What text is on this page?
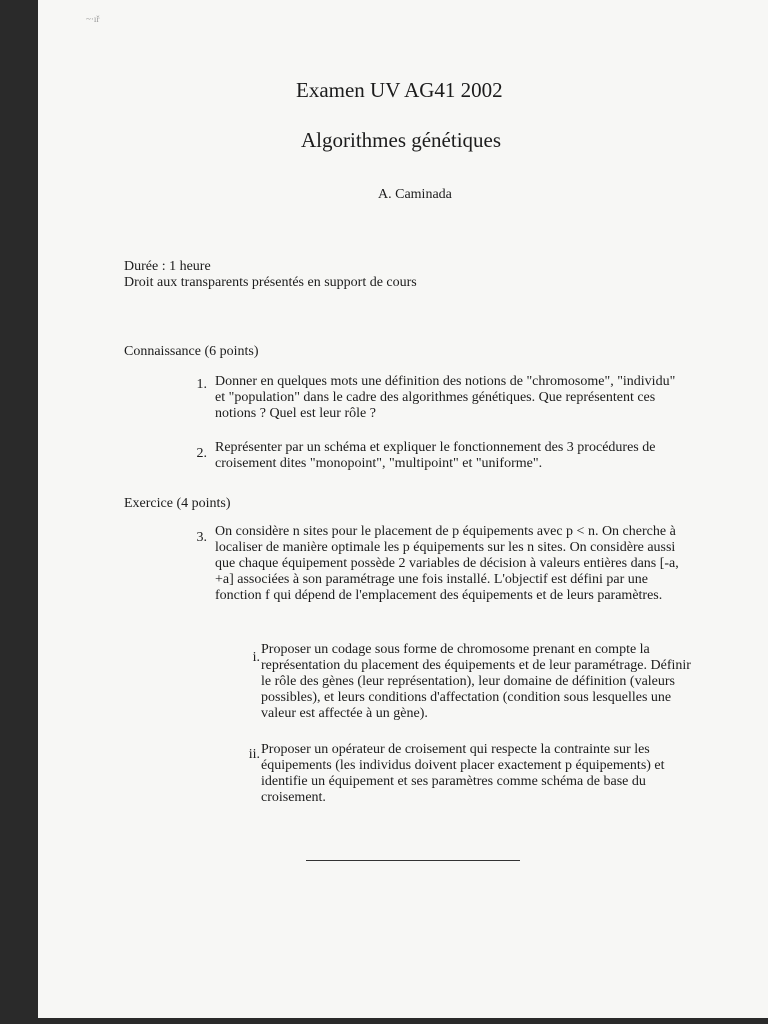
~·ıř
Examen UV AG41 2002
Algorithmes génétiques
A. Caminada
Durée : 1 heure
Droit aux transparents présentés en support de cours
Connaissance (6 points)
1. Donner en quelques mots une définition des notions de "chromosome", "individu" et "population" dans le cadre des algorithmes génétiques. Que représentent ces notions ? Quel est leur rôle ?
2. Représenter par un schéma et expliquer le fonctionnement des 3 procédures de croisement dites "monopoint", "multipoint" et "uniforme".
Exercice (4 points)
3. On considère n sites pour le placement de p équipements avec p < n. On cherche à localiser de manière optimale les p équipements sur les n sites. On considère aussi que chaque équipement possède 2 variables de décision à valeurs entières dans [-a, +a] associées à son paramétrage une fois installé. L'objectif est défini par une fonction f qui dépend de l'emplacement des équipements et de leurs paramètres.
i.
Proposer un codage sous forme de chromosome prenant en compte la représentation du placement des équipements et de leur paramétrage. Définir le rôle des gènes (leur représentation), leur domaine de définition (valeurs possibles), et leurs conditions d'affectation (condition sous lesquelles une valeur est affectée à un gène).
ii. Proposer un opérateur de croisement qui respecte la contrainte sur les équipements (les individus doivent placer exactement p équipements) et identifie un équipement et ses paramètres comme schéma de base du croisement.
